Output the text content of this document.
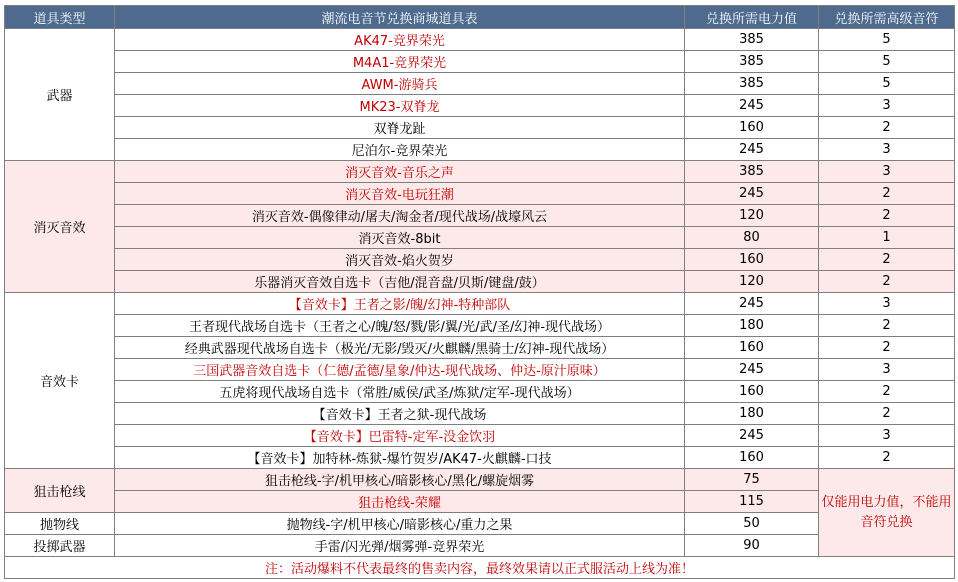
道具类型	潮流电音节兑换商城道具表	兑换所需电力值	兑换所需高级音符
武器	AK47-竞界荣光	385	5
	M4A1-竞界荣光	385	5
	AWM-游骑兵	385	5
	MK23-双脊龙	245	3
	双脊龙趾	160	2
	尼泊尔-竞界荣光	245	3
消灭音效	消灭音效-音乐之声	385	3
	消灭音效-电玩狂潮	245	2
	消灭音效-偶像律动/屠夫/淘金者/现代战场/战壕风云	120	2
	消灭音效-8bit	80	1
	消灭音效-焰火贺岁	160	2
	乐器消灭音效自选卡（吉他/混音盘/贝斯/键盘/鼓）	120	2
音效卡	【音效卡】王者之影/魄/幻神-特种部队	245	3
	王者现代战场自选卡（王者之心/魄/怒/戮/影/翼/光/武/圣/幻神-现代战场）	180	2
	经典武器现代战场自选卡（极光/无影/毁灭/火麒麟/黑骑士/幻神-现代战场）	160	2
	三国武器音效自选卡（仁德/孟德/星象/仲达-现代战场、仲达-原汁原味）	245	3
	五虎将现代战场自选卡（常胜/威侯/武圣/炼狱/定军-现代战场）	160	2
	【音效卡】王者之狱-现代战场	180	2
	【音效卡】巴雷特-定军-没金饮羽	245	3
	【音效卡】加特林-炼狱-爆竹贺岁/AK47-火麒麟-口技	160	2
狙击枪线	狙击枪线-字/机甲核心/暗影核心/黑化/螺旋烟雾	75	仅能用电力值，不能用音符兑换
	狙击枪线-荣耀	115	
抛物线	抛物线-字/机甲核心/暗影核心/重力之果	50	
投掷武器	手雷/闪光弹/烟雾弹-竞界荣光	90	
注：活动爆料不代表最终的售卖内容，最终效果请以正式服活动上线为准！			
